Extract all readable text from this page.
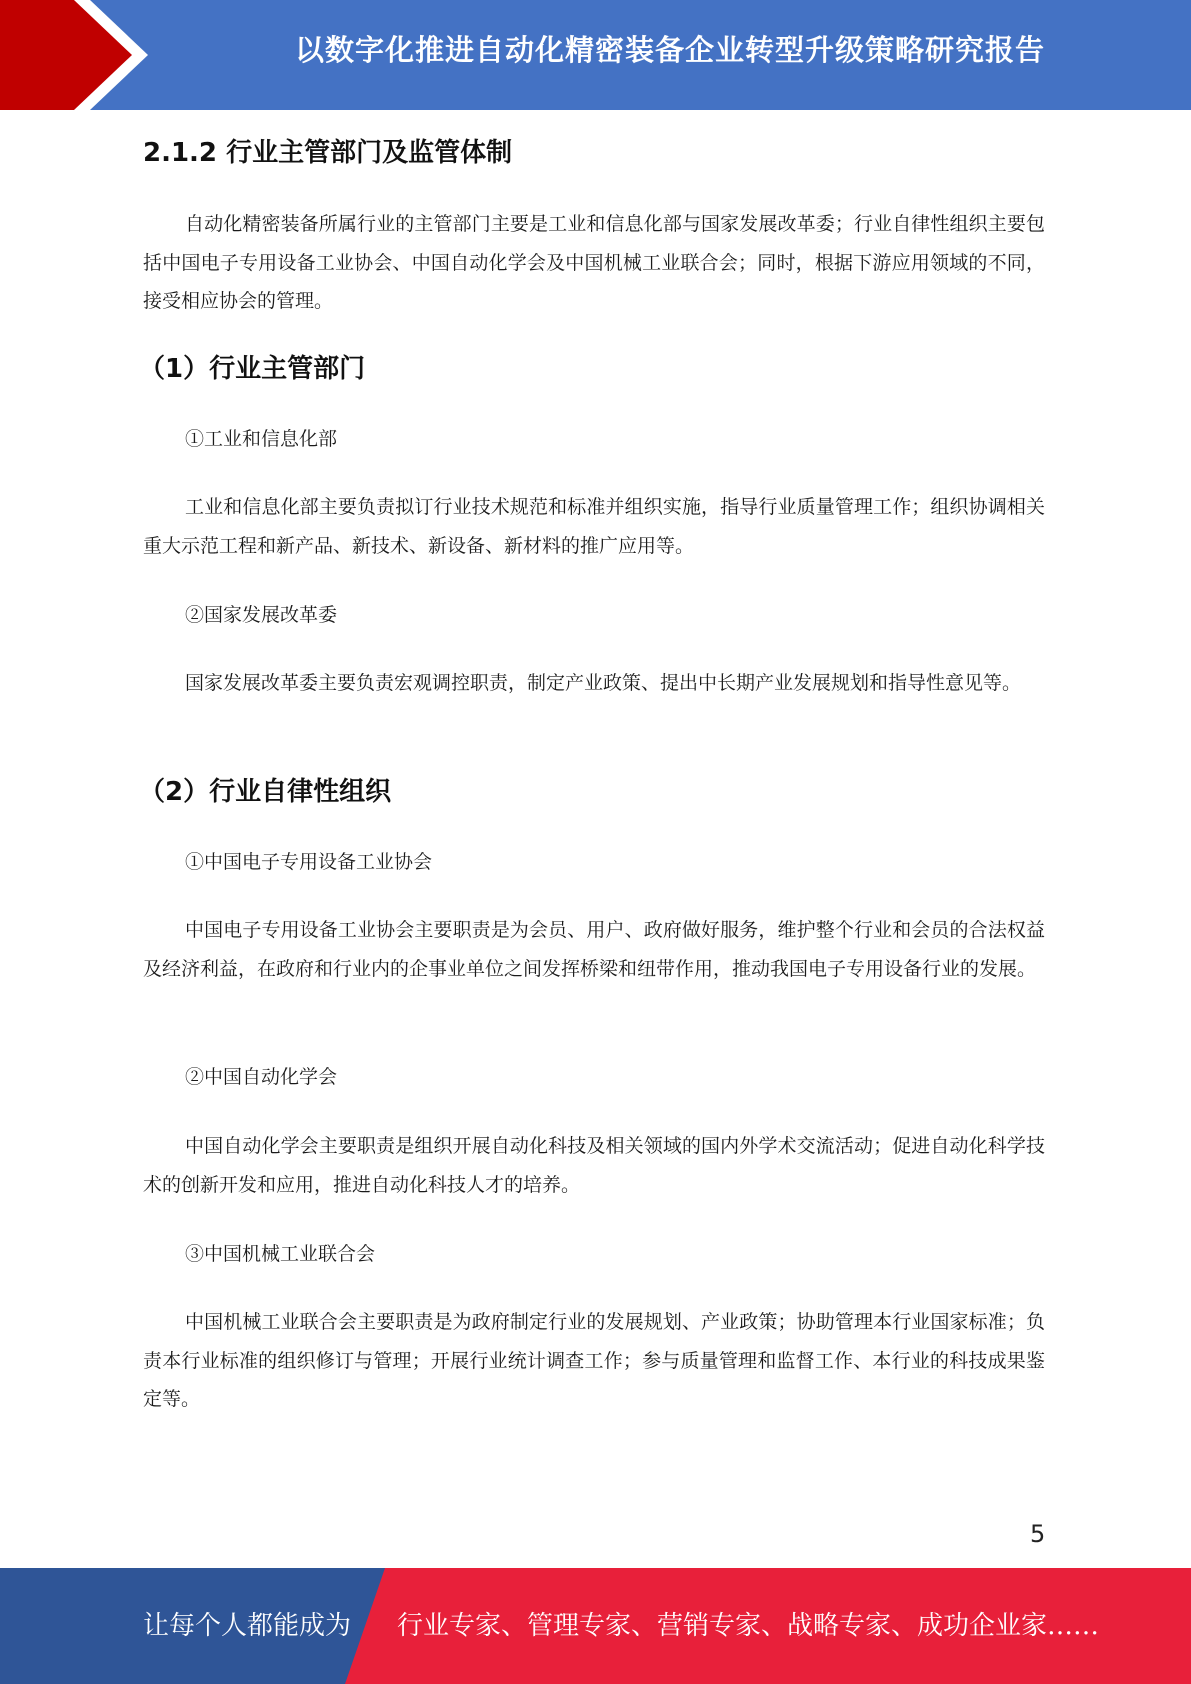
以数字化推进自动化精密装备企业转型升级策略研究报告
2.1.2 行业主管部门及监管体制

自动化精密装备所属行业的主管部门主要是工业和信息化部与国家发展改革委；行业自律性组织主要包括中国电子专用设备工业协会、中国自动化学会及中国机械工业联合会；同时，根据下游应用领域的不同，接受相应协会的管理。

（1）行业主管部门
①工业和信息化部

工业和信息化部主要负责拟订行业技术规范和标准并组织实施，指导行业质量管理工作；组织协调相关重大示范工程和新产品、新技术、新设备、新材料的推广应用等。

②国家发展改革委

国家发展改革委主要负责宏观调控职责，制定产业政策、提出中长期产业发展规划和指导性意见等。

（2）行业自律性组织
①中国电子专用设备工业协会

中国电子专用设备工业协会主要职责是为会员、用户、政府做好服务，维护整个行业和会员的合法权益及经济利益，在政府和行业内的企事业单位之间发挥桥梁和纽带作用，推动我国电子专用设备行业的发展。

②中国自动化学会

中国自动化学会主要职责是组织开展自动化科技及相关领域的国内外学术交流活动；促进自动化科学技术的创新开发和应用，推进自动化科技人才的培养。

③中国机械工业联合会

中国机械工业联合会主要职责是为政府制定行业的发展规划、产业政策；协助管理本行业国家标准；负责本行业标准的组织修订与管理；开展行业统计调查工作；参与质量管理和监督工作、本行业的科技成果鉴定等。

5
让每个人都能成为 行业专家、管理专家、营销专家、战略专家、成功企业家……
